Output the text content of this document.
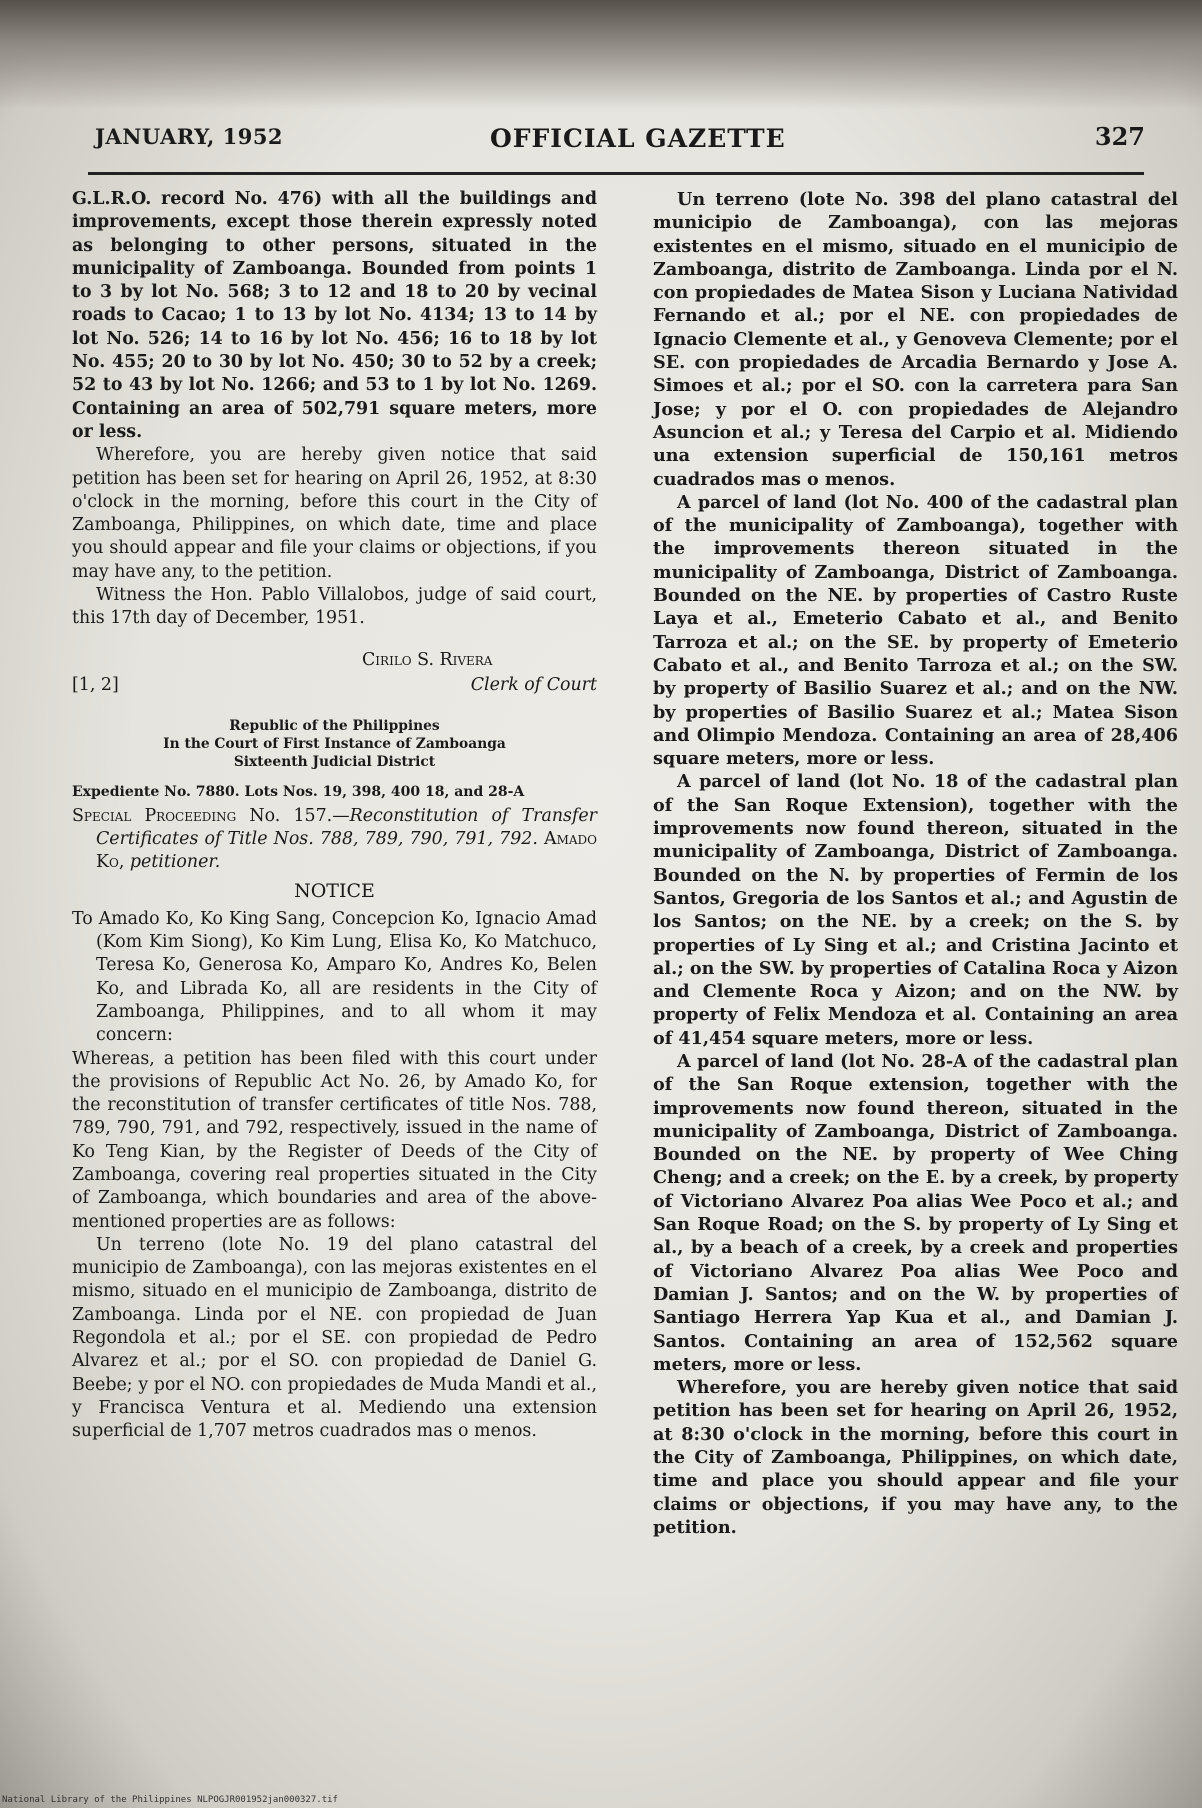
JANUARY, 1952	OFFICIAL GAZETTE	327

G.L.R.O. record No. 476) with all the buildings and improvements, except those therein expressly noted as belonging to other persons, situated in the municipality of Zamboanga. Bounded from points 1 to 3 by lot No. 568; 3 to 12 and 18 to 20 by vecinal roads to Cacao; 1 to 13 by lot No. 4134; 13 to 14 by lot No. 526; 14 to 16 by lot No. 456; 16 to 18 by lot No. 455; 20 to 30 by lot No. 450; 30 to 52 by a creek; 52 to 43 by lot No. 1266; and 53 to 1 by lot No. 1269. Containing an area of 502,791 square meters, more or less.

Wherefore, you are hereby given notice that said petition has been set for hearing on April 26, 1952, at 8:30 o'clock in the morning, before this court in the City of Zamboanga, Philippines, on which date, time and place you should appear and file your claims or objections, if you may have any, to the petition.

Witness the Hon. Pablo Villalobos, judge of said court, this 17th day of December, 1951.

Cirilo S. Rivera
[1, 2]	Clerk of Court
Republic of the Philippines
In the Court of First Instance of Zamboanga
Sixteenth Judicial District
Expediente No. 7880. Lots Nos. 19, 398, 400 18, and 28-A

Special Proceeding No. 157.—Reconstitution of Transfer Certificates of Title Nos. 788, 789, 790, 791, 792. Amado Ko, petitioner.

NOTICE

To Amado Ko, Ko King Sang, Concepcion Ko, Ignacio Amad (Kom Kim Siong), Ko Kim Lung, Elisa Ko, Ko Matchuco, Teresa Ko, Generosa Ko, Amparo Ko, Andres Ko, Belen Ko, and Librada Ko, all are residents in the City of Zamboanga, Philippines, and to all whom it may concern:

Whereas, a petition has been filed with this court under the provisions of Republic Act No. 26, by Amado Ko, for the reconstitution of transfer certificates of title Nos. 788, 789, 790, 791, and 792, respectively, issued in the name of Ko Teng Kian, by the Register of Deeds of the City of Zamboanga, covering real properties situated in the City of Zamboanga, which boundaries and area of the above-mentioned properties are as follows:

Un terreno (lote No. 19 del plano catastral del municipio de Zamboanga), con las mejoras existentes en el mismo, situado en el municipio de Zamboanga, distrito de Zamboanga. Linda por el NE. con propiedad de Juan Regondola et al.; por el SE. con propiedad de Pedro Alvarez et al.; por el SO. con propiedad de Daniel G. Beebe; y por el NO. con propiedades de Muda Mandi et al., y Francisca Ventura et al. Mediendo una extension superficial de 1,707 metros cuadrados mas o menos.

Un terreno (lote No. 398 del plano catastral del municipio de Zamboanga), con las mejoras existentes en el mismo, situado en el municipio de Zamboanga, distrito de Zamboanga. Linda por el N. con propiedades de Matea Sison y Luciana Natividad Fernando et al.; por el NE. con propiedades de Ignacio Clemente et al., y Genoveva Clemente; por el SE. con propiedades de Arcadia Bernardo y Jose A. Simoes et al.; por el SO. con la carretera para San Jose; y por el O. con propiedades de Alejandro Asuncion et al.; y Teresa del Carpio et al. Midiendo una extension superficial de 150,161 metros cuadrados mas o menos.

A parcel of land (lot No. 400 of the cadastral plan of the municipality of Zamboanga), together with the improvements thereon situated in the municipality of Zamboanga, District of Zamboanga. Bounded on the NE. by properties of Castro Ruste Laya et al., Emeterio Cabato et al., and Benito Tarroza et al.; on the SE. by property of Emeterio Cabato et al., and Benito Tarroza et al.; on the SW. by property of Basilio Suarez et al.; and on the NW. by properties of Basilio Suarez et al.; Matea Sison and Olimpio Mendoza. Containing an area of 28,406 square meters, more or less.

A parcel of land (lot No. 18 of the cadastral plan of the San Roque Extension), together with the improvements now found thereon, situated in the municipality of Zamboanga, District of Zamboanga. Bounded on the N. by properties of Fermin de los Santos, Gregoria de los Santos et al.; and Agustin de los Santos; on the NE. by a creek; on the S. by properties of Ly Sing et al.; and Cristina Jacinto et al.; on the SW. by properties of Catalina Roca y Aizon and Clemente Roca y Aizon; and on the NW. by property of Felix Mendoza et al. Containing an area of 41,454 square meters, more or less.

A parcel of land (lot No. 28-A of the cadastral plan of the San Roque extension, together with the improvements now found thereon, situated in the municipality of Zamboanga, District of Zamboanga. Bounded on the NE. by property of Wee Ching Cheng; and a creek; on the E. by a creek, by property of Victoriano Alvarez Poa alias Wee Poco et al.; and San Roque Road; on the S. by property of Ly Sing et al., by a beach of a creek, by a creek and properties of Victoriano Alvarez Poa alias Wee Poco and Damian J. Santos; and on the W. by properties of Santiago Herrera Yap Kua et al., and Damian J. Santos. Containing an area of 152,562 square meters, more or less.

Wherefore, you are hereby given notice that said petition has been set for hearing on April 26, 1952, at 8:30 o'clock in the morning, before this court in the City of Zamboanga, Philippines, on which date, time and place you should appear and file your claims or objections, if you may have any, to the petition.

National Library of the Philippines NLPOGJR001952jan000327.tif
